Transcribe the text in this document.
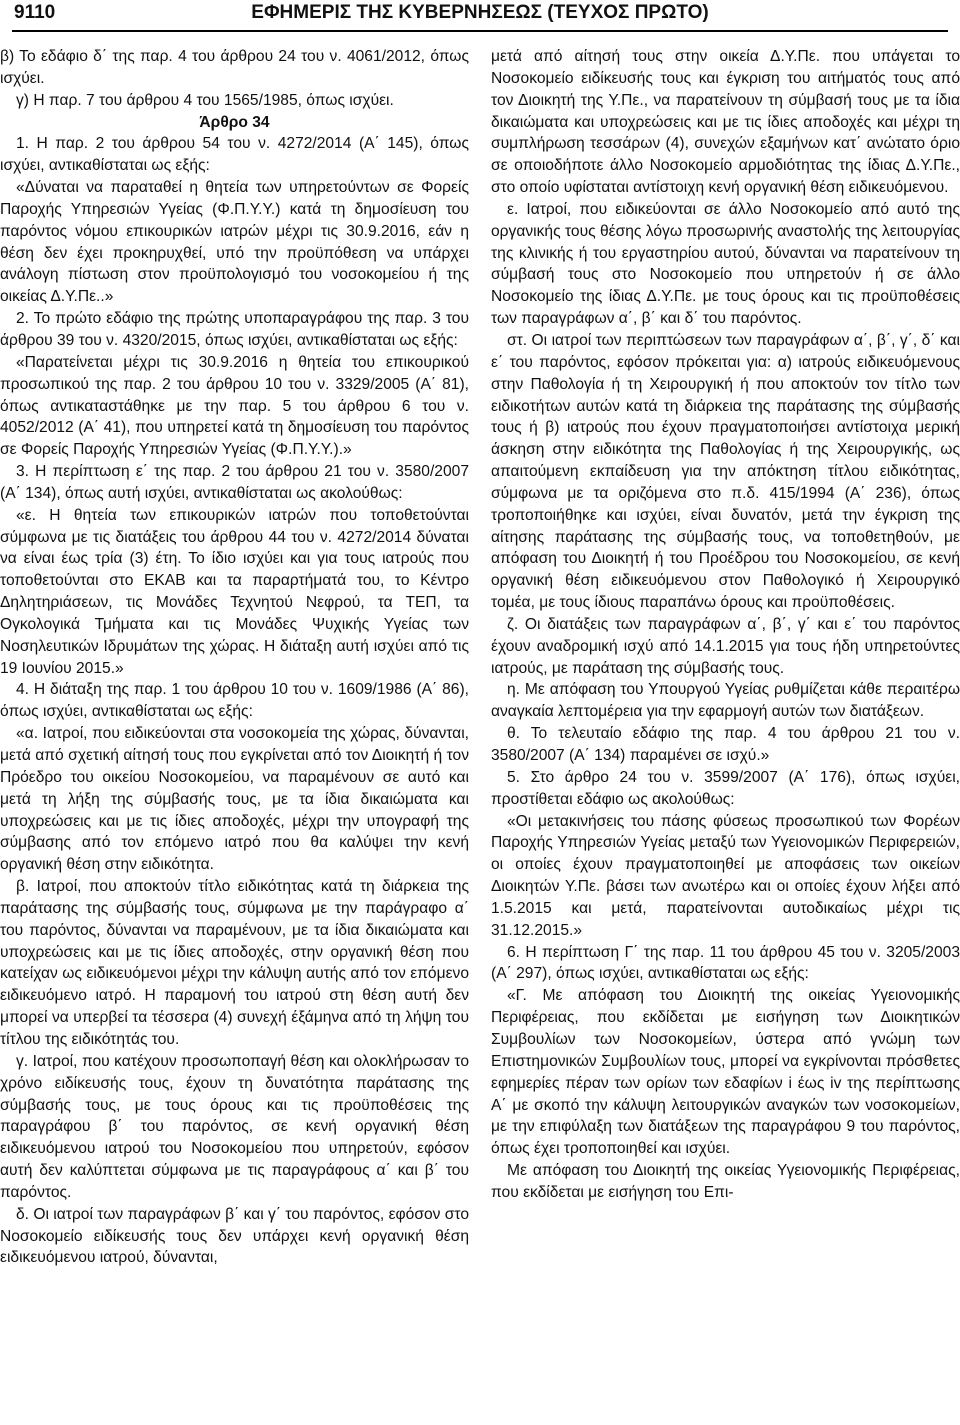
9110	ΕΦΗΜΕΡΙΣ ΤΗΣ ΚΥΒΕΡΝΗΣΕΩΣ (ΤΕΥΧΟΣ ΠΡΩΤΟ)

β) Το εδάφιο δ΄ της παρ. 4 του άρθρου 24 του ν. 4061/2012, όπως ισχύει.

γ) Η παρ. 7 του άρθρου 4 του 1565/1985, όπως ισχύει.

Άρθρο 34

1. Η παρ. 2 του άρθρου 54 του ν. 4272/2014 (Α΄ 145), όπως ισχύει, αντικαθίσταται ως εξής:

«Δύναται να παραταθεί η θητεία των υπηρετούντων σε Φορείς Παροχής Υπηρεσιών Υγείας (Φ.Π.Υ.Υ.) κατά τη δημοσίευση του παρόντος νόμου επικουρικών ιατρών μέχρι τις 30.9.2016, εάν η θέση δεν έχει προκηρυχθεί, υπό την προϋπόθεση να υπάρχει ανάλογη πίστωση στον προϋπολογισμό του νοσοκομείου ή της οικείας Δ.Υ.Πε..»

2. Το πρώτο εδάφιο της πρώτης υποπαραγράφου της παρ. 3 του άρθρου 39 του ν. 4320/2015, όπως ισχύει, αντικαθίσταται ως εξής:

«Παρατείνεται μέχρι τις 30.9.2016 η θητεία του επικουρικού προσωπικού της παρ. 2 του άρθρου 10 του ν. 3329/2005 (Α΄ 81), όπως αντικαταστάθηκε με την παρ. 5 του άρθρου 6 του ν. 4052/2012 (Α΄ 41), που υπηρετεί κατά τη δημοσίευση του παρόντος σε Φορείς Παροχής Υπηρεσιών Υγείας (Φ.Π.Υ.Υ.).»

3. Η περίπτωση ε΄ της παρ. 2 του άρθρου 21 του ν. 3580/2007 (Α΄ 134), όπως αυτή ισχύει, αντικαθίσταται ως ακολούθως:

«ε. Η θητεία των επικουρικών ιατρών που τοποθετούνται σύμφωνα με τις διατάξεις του άρθρου 44 του ν. 4272/2014 δύναται να είναι έως τρία (3) έτη. Το ίδιο ισχύει και για τους ιατρούς που τοποθετούνται στο ΕΚΑΒ και τα παραρτήματά του, το Κέντρο Δηλητηριάσεων, τις Μονάδες Τεχνητού Νεφρού, τα ΤΕΠ, τα Ογκολογικά Τμήματα και τις Μονάδες Ψυχικής Υγείας των Νοσηλευτικών Ιδρυμάτων της χώρας. Η διάταξη αυτή ισχύει από τις 19 Ιουνίου 2015.»

4. Η διάταξη της παρ. 1 του άρθρου 10 του ν. 1609/1986 (Α΄ 86), όπως ισχύει, αντικαθίσταται ως εξής:

«α. Ιατροί, που ειδικεύονται στα νοσοκομεία της χώρας, δύνανται, μετά από σχετική αίτησή τους που εγκρίνεται από τον Διοικητή ή τον Πρόεδρο του οικείου Νοσοκομείου, να παραμένουν σε αυτό και μετά τη λήξη της σύμβασής τους, με τα ίδια δικαιώματα και υποχρεώσεις και με τις ίδιες αποδοχές, μέχρι την υπογραφή της σύμβασης από τον επόμενο ιατρό που θα καλύψει την κενή οργανική θέση στην ειδικότητα.

β. Ιατροί, που αποκτούν τίτλο ειδικότητας κατά τη διάρκεια της παράτασης της σύμβασής τους, σύμφωνα με την παράγραφο α΄ του παρόντος, δύνανται να παραμένουν, με τα ίδια δικαιώματα και υποχρεώσεις και με τις ίδιες αποδοχές, στην οργανική θέση που κατείχαν ως ειδικευόμενοι μέχρι την κάλυψη αυτής από τον επόμενο ειδικευόμενο ιατρό. Η παραμονή του ιατρού στη θέση αυτή δεν μπορεί να υπερβεί τα τέσσερα (4) συνεχή έξάμηνα από τη λήψη του τίτλου της ειδικότητάς του.

γ. Ιατροί, που κατέχουν προσωποπαγή θέση και ολοκλήρωσαν το χρόνο ειδίκευσής τους, έχουν τη δυνατότητα παράτασης της σύμβασής τους, με τους όρους και τις προϋποθέσεις της παραγράφου β΄ του παρόντος, σε κενή οργανική θέση ειδικευόμενου ιατρού του Νοσοκομείου που υπηρετούν, εφόσον αυτή δεν καλύπτεται σύμφωνα με τις παραγράφους α΄ και β΄ του παρόντος.

δ. Οι ιατροί των παραγράφων β΄ και γ΄ του παρόντος, εφόσον στο Νοσοκομείο ειδίκευσής τους δεν υπάρχει κενή οργανική θέση ειδικευόμενου ιατρού, δύνανται,

μετά από αίτησή τους στην οικεία Δ.Υ.Πε. που υπάγεται το Νοσοκομείο ειδίκευσής τους και έγκριση του αιτήματός τους από τον Διοικητή της Υ.Πε., να παρατείνουν τη σύμβασή τους με τα ίδια δικαιώματα και υποχρεώσεις και με τις ίδιες αποδοχές και μέχρι τη συμπλήρωση τεσσάρων (4), συνεχών εξαμήνων κατ΄ ανώτατο όριο σε οποιοδήποτε άλλο Νοσοκομείο αρμοδιότητας της ίδιας Δ.Υ.Πε., στο οποίο υφίσταται αντίστοιχη κενή οργανική θέση ειδικευόμενου.

ε. Ιατροί, που ειδικεύονται σε άλλο Νοσοκομείο από αυτό της οργανικής τους θέσης λόγω προσωρινής αναστολής της λειτουργίας της κλινικής ή του εργαστηρίου αυτού, δύνανται να παρατείνουν τη σύμβασή τους στο Νοσοκομείο που υπηρετούν ή σε άλλο Νοσοκομείο της ίδιας Δ.Υ.Πε. με τους όρους και τις προϋποθέσεις των παραγράφων α΄, β΄ και δ΄ του παρόντος.

στ. Οι ιατροί των περιπτώσεων των παραγράφων α΄, β΄, γ΄, δ΄ και ε΄ του παρόντος, εφόσον πρόκειται για: α) ιατρούς ειδικευόμενους στην Παθολογία ή τη Χειρουργική ή που αποκτούν τον τίτλο των ειδικοτήτων αυτών κατά τη διάρκεια της παράτασης της σύμβασής τους ή β) ιατρούς που έχουν πραγματοποιήσει αντίστοιχα μερική άσκηση στην ειδικότητα της Παθολογίας ή της Χειρουργικής, ως απαιτούμενη εκπαίδευση για την απόκτηση τίτλου ειδικότητας, σύμφωνα με τα οριζόμενα στο π.δ. 415/1994 (Α΄ 236), όπως τροποποιήθηκε και ισχύει, είναι δυνατόν, μετά την έγκριση της αίτησης παράτασης της σύμβασής τους, να τοποθετηθούν, με απόφαση του Διοικητή ή του Προέδρου του Νοσοκομείου, σε κενή οργανική θέση ειδικευόμενου στον Παθολογικό ή Χειρουργικό τομέα, με τους ίδιους παραπάνω όρους και προϋποθέσεις.

ζ. Οι διατάξεις των παραγράφων α΄, β΄, γ΄ και ε΄ του παρόντος έχουν αναδρομική ισχύ από 14.1.2015 για τους ήδη υπηρετούντες ιατρούς, με παράταση της σύμβασής τους.

η. Με απόφαση του Υπουργού Υγείας ρυθμίζεται κάθε περαιτέρω αναγκαία λεπτομέρεια για την εφαρμογή αυτών των διατάξεων.

θ. Το τελευταίο εδάφιο της παρ. 4 του άρθρου 21 του ν. 3580/2007 (Α΄ 134) παραμένει σε ισχύ.»

5. Στο άρθρο 24 του ν. 3599/2007 (Α΄ 176), όπως ισχύει, προστίθεται εδάφιο ως ακολούθως:

«Οι μετακινήσεις του πάσης φύσεως προσωπικού των Φορέων Παροχής Υπηρεσιών Υγείας μεταξύ των Υγειονομικών Περιφερειών, οι οποίες έχουν πραγματοποιηθεί με αποφάσεις των οικείων Διοικητών Υ.Πε. βάσει των ανωτέρω και οι οποίες έχουν λήξει από 1.5.2015 και μετά, παρατείνονται αυτοδικαίως μέχρι τις 31.12.2015.»

6. Η περίπτωση Γ΄ της παρ. 11 του άρθρου 45 του ν. 3205/2003 (Α΄ 297), όπως ισχύει, αντικαθίσταται ως εξής:

«Γ. Με απόφαση του Διοικητή της οικείας Υγειονομικής Περιφέρειας, που εκδίδεται με εισήγηση των Διοικητικών Συμβουλίων των Νοσοκομείων, ύστερα από γνώμη των Επιστημονικών Συμβουλίων τους, μπορεί να εγκρίνονται πρόσθετες εφημερίες πέραν των ορίων των εδαφίων i έως iv της περίπτωσης Α΄ με σκοπό την κάλυψη λειτουργικών αναγκών των νοσοκομείων, με την επιφύλαξη των διατάξεων της παραγράφου 9 του παρόντος, όπως έχει τροποποιηθεί και ισχύει.

Με απόφαση του Διοικητή της οικείας Υγειονομικής Περιφέρειας, που εκδίδεται με εισήγηση του Επι-
